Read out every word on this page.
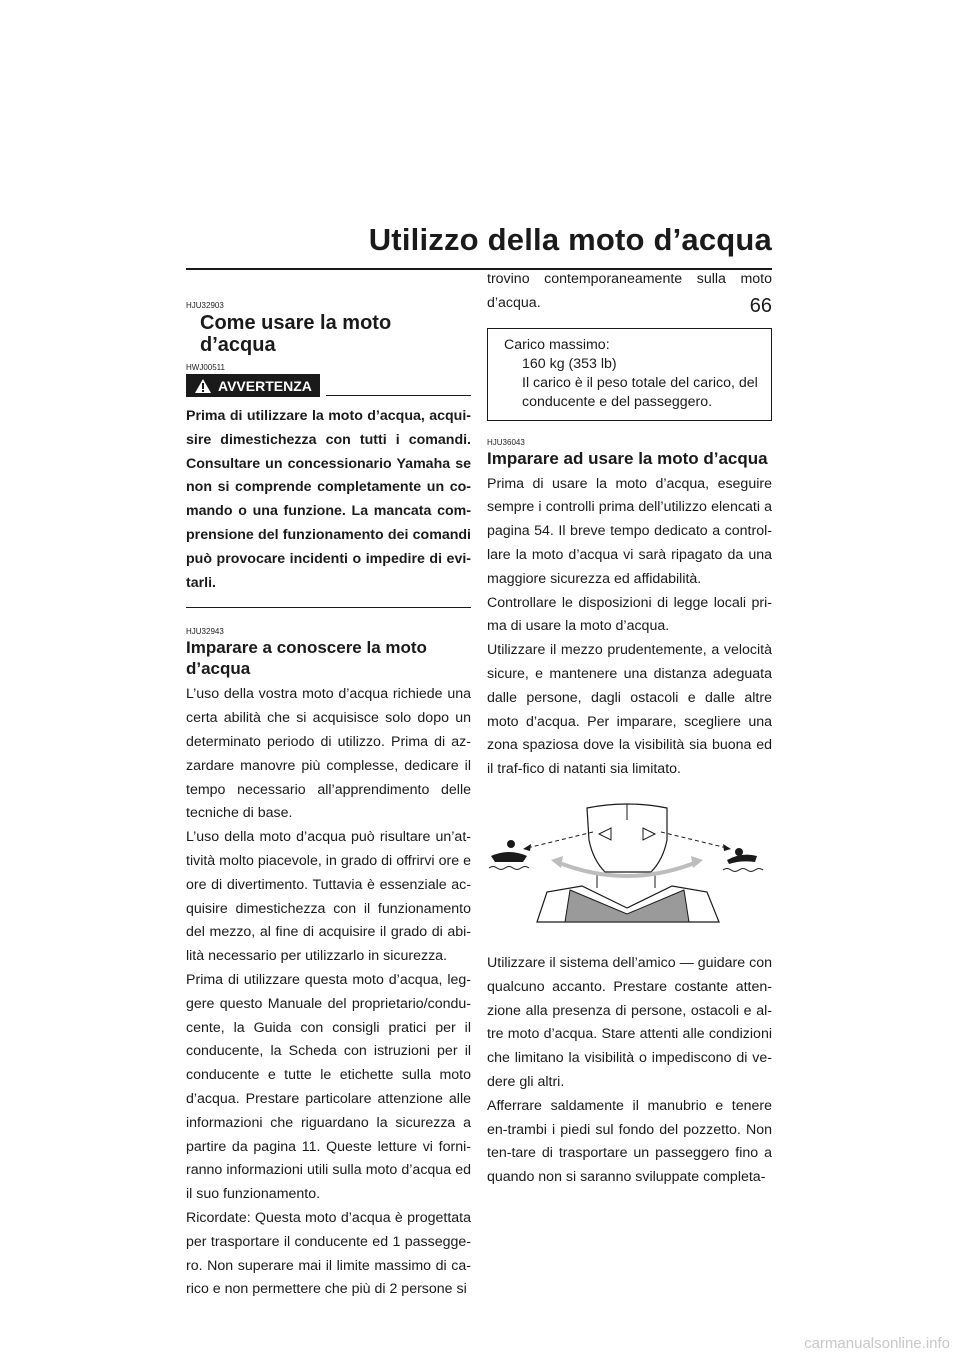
Utilizzo della moto d’acqua
66
HJU32903
Come usare la moto d’acqua
HWJ00511
AVVERTENZA
Prima di utilizzare la moto d’acqua, acqui-sire dimestichezza con tutti i comandi. Consultare un concessionario Yamaha se non si comprende completamente un co-mando o una funzione. La mancata com-prensione del funzionamento dei comandi può provocare incidenti o impedire di evi-tarli.
HJU32943
Imparare a conoscere la moto d’acqua

L’uso della vostra moto d’acqua richiede una certa abilità che si acquisisce solo dopo un determinato periodo di utilizzo. Prima di az-zardare manovre più complesse, dedicare il tempo necessario all’apprendimento delle tecniche di base.

L’uso della moto d’acqua può risultare un’at-tività molto piacevole, in grado di offrirvi ore e ore di divertimento. Tuttavia è essenziale ac-quisire dimestichezza con il funzionamento del mezzo, al fine di acquisire il grado di abi-lità necessario per utilizzarlo in sicurezza.

Prima di utilizzare questa moto d’acqua, leg-gere questo Manuale del proprietario/condu-cente, la Guida con consigli pratici per il conducente, la Scheda con istruzioni per il conducente e tutte le etichette sulla moto d’acqua. Prestare particolare attenzione alle informazioni che riguardano la sicurezza a partire da pagina 11. Queste letture vi forni-ranno informazioni utili sulla moto d’acqua ed il suo funzionamento.

Ricordate: Questa moto d’acqua è progettata per trasportare il conducente ed 1 passegge-ro. Non superare mai il limite massimo di ca-rico e non permettere che più di 2 persone si

trovino contemporaneamente sulla moto d’acqua.

Carico massimo:
160 kg (353 lb)
Il carico è il peso totale del carico, del conducente e del passeggero.
HJU36043
Imparare ad usare la moto d’acqua

Prima di usare la moto d’acqua, eseguire sempre i controlli prima dell’utilizzo elencati a pagina 54. Il breve tempo dedicato a control-lare la moto d’acqua vi sarà ripagato da una maggiore sicurezza ed affidabilità.

Controllare le disposizioni di legge locali pri-ma di usare la moto d’acqua.

Utilizzare il mezzo prudentemente, a velocità sicure, e mantenere una distanza adeguata dalle persone, dagli ostacoli e dalle altre moto d’acqua. Per imparare, scegliere una zona spaziosa dove la visibilità sia buona ed il traf-fico di natanti sia limitato.

Utilizzare il sistema dell’amico — guidare con qualcuno accanto. Prestare costante atten-zione alla presenza di persone, ostacoli e al-tre moto d’acqua. Stare attenti alle condizioni che limitano la visibilità o impediscono di ve-dere gli altri.

Afferrare saldamente il manubrio e tenere en-trambi i piedi sul fondo del pozzetto. Non ten-tare di trasportare un passeggero fino a quando non si saranno sviluppate completa-

carmanualsonline.info
